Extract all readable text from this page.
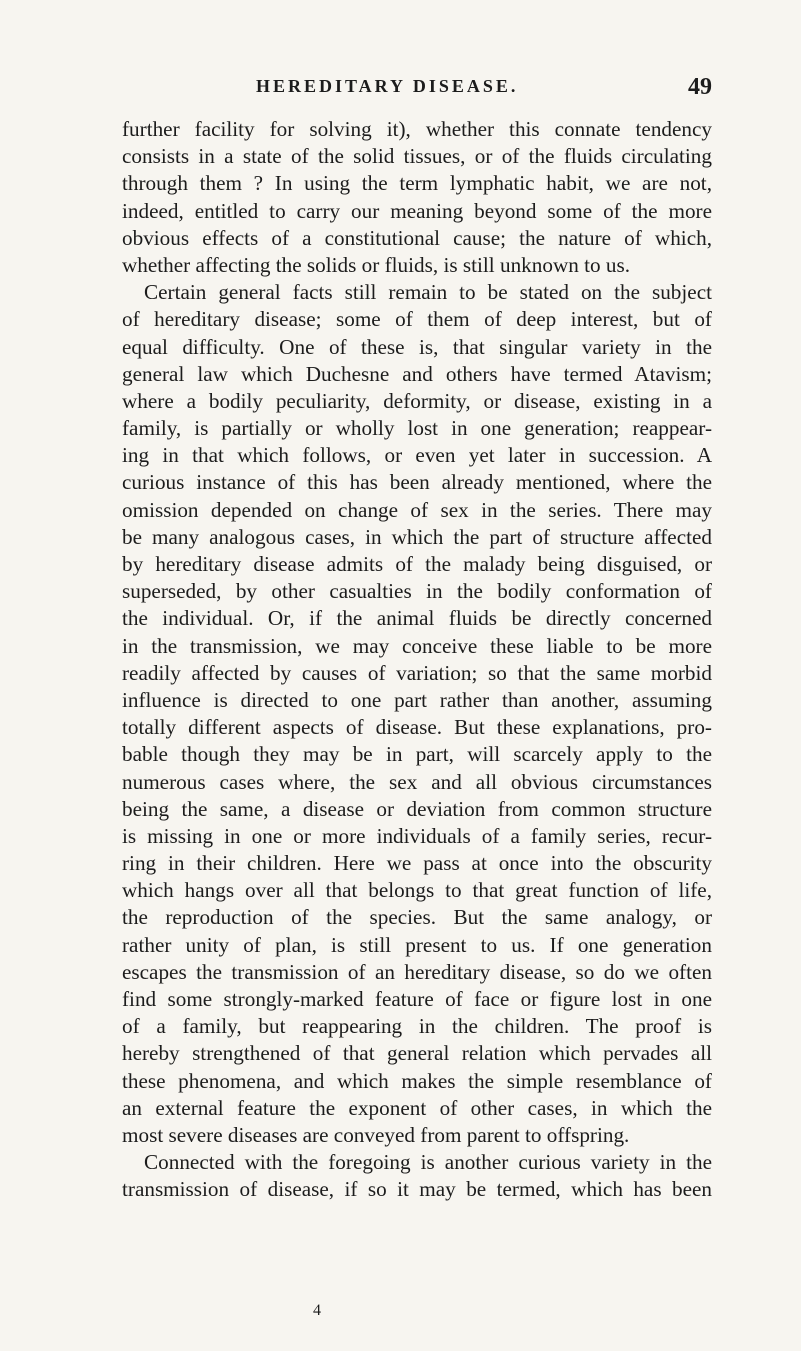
HEREDITARY DISEASE.	49
further facility for solving it), whether this connate tendency
consists in a state of the solid tissues, or of the fluids circulating
through them ? In using the term lymphatic habit, we are not,
indeed, entitled to carry our meaning beyond some of the more
obvious effects of a constitutional cause; the nature of which,
whether affecting the solids or fluids, is still unknown to us.
Certain general facts still remain to be stated on the subject
of hereditary disease; some of them of deep interest, but of
equal difficulty. One of these is, that singular variety in the
general law which Duchesne and others have termed Atavism;
where a bodily peculiarity, deformity, or disease, existing in a
family, is partially or wholly lost in one generation; reappear-
ing in that which follows, or even yet later in succession. A
curious instance of this has been already mentioned, where the
omission depended on change of sex in the series. There may
be many analogous cases, in which the part of structure affected
by hereditary disease admits of the malady being disguised, or
superseded, by other casualties in the bodily conformation of
the individual. Or, if the animal fluids be directly concerned
in the transmission, we may conceive these liable to be more
readily affected by causes of variation; so that the same morbid
influence is directed to one part rather than another, assuming
totally different aspects of disease. But these explanations, pro-
bable though they may be in part, will scarcely apply to the
numerous cases where, the sex and all obvious circumstances
being the same, a disease or deviation from common structure
is missing in one or more individuals of a family series, recur-
ring in their children. Here we pass at once into the obscurity
which hangs over all that belongs to that great function of life,
the reproduction of the species. But the same analogy, or
rather unity of plan, is still present to us. If one generation
escapes the transmission of an hereditary disease, so do we often
find some strongly-marked feature of face or figure lost in one
of a family, but reappearing in the children. The proof is
hereby strengthened of that general relation which pervades all
these phenomena, and which makes the simple resemblance of
an external feature the exponent of other cases, in which the
most severe diseases are conveyed from parent to offspring.
Connected with the foregoing is another curious variety in the
transmission of disease, if so it may be termed, which has been
4
